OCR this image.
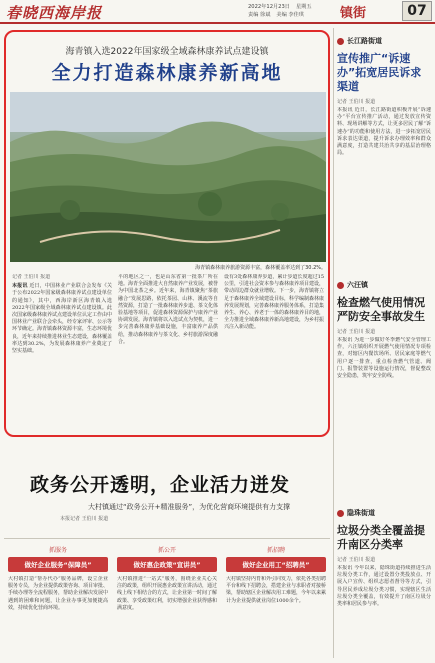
春晓西海岸报	2022年12月23日 星期五
责编 徐斌 美编 李佳琪	镇街	07
海青镇入选2022年国家级全域森林康养试点建设镇
全力打造森林康养新高地
海青镇森林康养旅游资源丰富，森林覆盖率达到了30.2%。
记者 王伯川 报道
本报讯 近日，中国林业产业联合会发布《关于公布2022年国家级森林康养试点建设单位的通知》，其中，西海岸新区海青镇入选2022年国家级全域森林康养试点建设镇。此次国家级森林康养试点建设单位认定工作由中国林业产业联合会牵头，经专家评审、公示等环节确定。海青镇森林资源丰富，生态环境优良，近年来持续推进林业生态建设，森林覆盖率达到30.2%，为发展森林康养产业奠定了坚实基础。
平的地区之一，也是山东省第一批茶厂所在地。海青全面推进大自然康养产业发展，被誉为中国北茶之乡。近年来，海青镇聚焦“茶旅融合”发展思路，依托茶园、山林、溪流等自然资源，打造了一批森林康养步道、茶文化体验基地等项目，促进森林资源保护与康养产业协调发展。海青镇将以入选试点为契机，进一步完善森林康养基础设施，丰富康养产品供给，推动森林康养与茶文化、乡村旅游深度融合。
设有3处森林康养步道，累计步道长度超过15公里，引进社会资本参与森林康养项目建设，带动周边群众就业增收。下一步，海青镇将立足于森林康养全域建设目标，科学编制森林康养发展规划，完善森林康养服务体系，打造集养生、养心、养老于一体的森林康养目的地，全力推进全域森林康养新高地建设，为乡村振兴注入新动能。
政务公开透明，企业活力迸发
大村镇通过“政务公开+精准服务”，为优化营商环境提供有力支撑
本报记者 王伯川 报道
抓服务
做好企业服务“保障员”
大村镇打造“帮办代办”服务品牌，设立企业服务专员，为企业提供政策咨询、项目审批、手续办理等全流程服务，帮助企业解决发展中遇到的困难和问题，让企业办事更加便捷高效，持续优化营商环境。
抓公开
做好惠企政策“宣讲员”
大村镇推进“一站式”服务，围绕企业关心关注的政策，组织开展惠企政策宣讲活动，通过线上线下相结合的方式，让企业第一时间了解政策、享受政策红利，切实增强企业获得感和满意度。
抓招聘
做好企业用工“招聘员”
大村镇坚持内育和外引同发力，依托各类招聘平台和线下招聘会，搭建企业与求职者对接桥梁，帮助辖区企业解决用工难题，今年以来累计为企业提供就业岗位1000余个。
长江路街道
宣传推广“诉速办”拓宽居民诉求渠道
记者 王伯川 报道
本报讯 近日，长江路街道积极开展“诉速办”平台宣传推广活动，通过发放宣传资料、现场讲解等方式，让更多居民了解“诉速办”的功能和使用方法，进一步拓宽居民诉求表达渠道，提升诉求办理效率和群众满意度，打造共建共治共享的基层治理格局。
六汪镇
检查燃气使用情况严防安全事故发生
记者 王伯川 报道
本报讯 为进一步做好冬季燃气安全管理工作，六汪镇组织开展燃气使用情况专项检查，对辖区内餐饮场所、居民家庭等燃气用户逐一排查，重点检查燃气管道、阀门、报警装置等设施运行情况，督促整改安全隐患，筑牢安全防线。
隐珠街道
垃圾分类全覆盖提升南区分类率
记者 王伯川 报道
本报讯 今年以来，隐珠街道持续推进生活垃圾分类工作，通过设置分类投放点、开展入户宣传、组织志愿者督导等方式，引导居民养成垃圾分类习惯，实现辖区生活垃圾分类全覆盖，有效提升了南区垃圾分类率和居民参与率。
